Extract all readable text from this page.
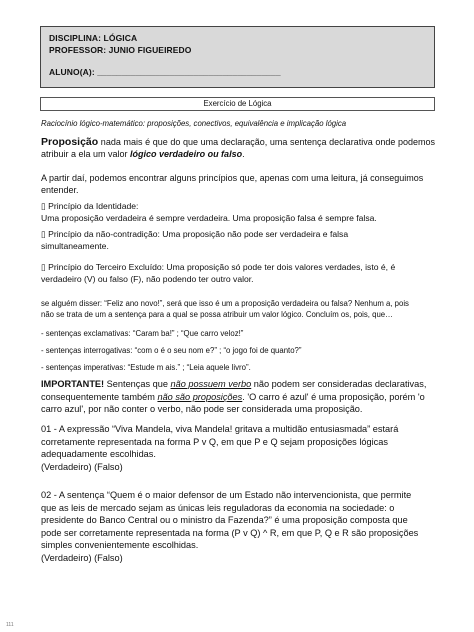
DISCIPLINA: LÓGICA
PROFESSOR: JUNIO FIGUEIREDO
ALUNO(A): ______________________________________
Exercício de Lógica
Raciocínio lógico-matemático: proposições, conectivos, equivalência e implicação lógica
Proposição nada mais é que do que uma declaração, uma sentença declarativa onde podemos atribuir a ela um valor lógico verdadeiro ou falso.
A partir daí, podemos encontrar alguns princípios que, apenas com uma leitura, já conseguimos entender.
▯ Princípio da Identidade:
Uma proposição verdadeira é sempre verdadeira. Uma proposição falsa é sempre falsa.
▯ Princípio da não-contradição: Uma proposição não pode ser verdadeira e falsa
simultaneamente.
▯ Princípio do Terceiro Excluído: Uma proposição só pode ter dois valores verdades, isto é, é
verdadeiro (V) ou falso (F), não podendo ter outro valor.
se alguém disser: “Feliz ano novo!”, será que isso é um a proposição verdadeira ou falsa? Nenhum a, pois
não se trata de um a sentença para a qual se possa atribuir um valor lógico. Concluím os, pois, que…
- sentenças exclamativas: “Caram ba!” ; “Que carro veloz!”
- sentenças interrogativas: “com o é o seu nom e?” ; “o jogo foi de quanto?”
- sentenças imperativas: “Estude m ais.” ; “Leia aquele livro”.
IMPORTANTE! Sentenças que não possuem verbo não podem ser consideradas declarativas,
consequentemente também não são proposições. 'O carro é azul' é uma proposição, porém 'o
carro azul', por não conter o verbo, não pode ser considerada uma proposição.
01 - A expressão “Viva Mandela, viva Mandela! gritava a multidão entusiasmada” estará
corretamente representada na forma P v Q, em que P e Q sejam proposições lógicas
adequadamente escolhidas.
(Verdadeiro) (Falso)
02 - A sentença “Quem é o maior defensor de um Estado não intervencionista, que permite
que as leis de mercado sejam as únicas leis reguladoras da economia na sociedade: o
presidente do Banco Central ou o ministro da Fazenda?” é uma proposição composta que
pode ser corretamente representada na forma (P v Q) ^ R, em que P, Q e R são proposições
simples convenientemente escolhidas.
(Verdadeiro) (Falso)
111
